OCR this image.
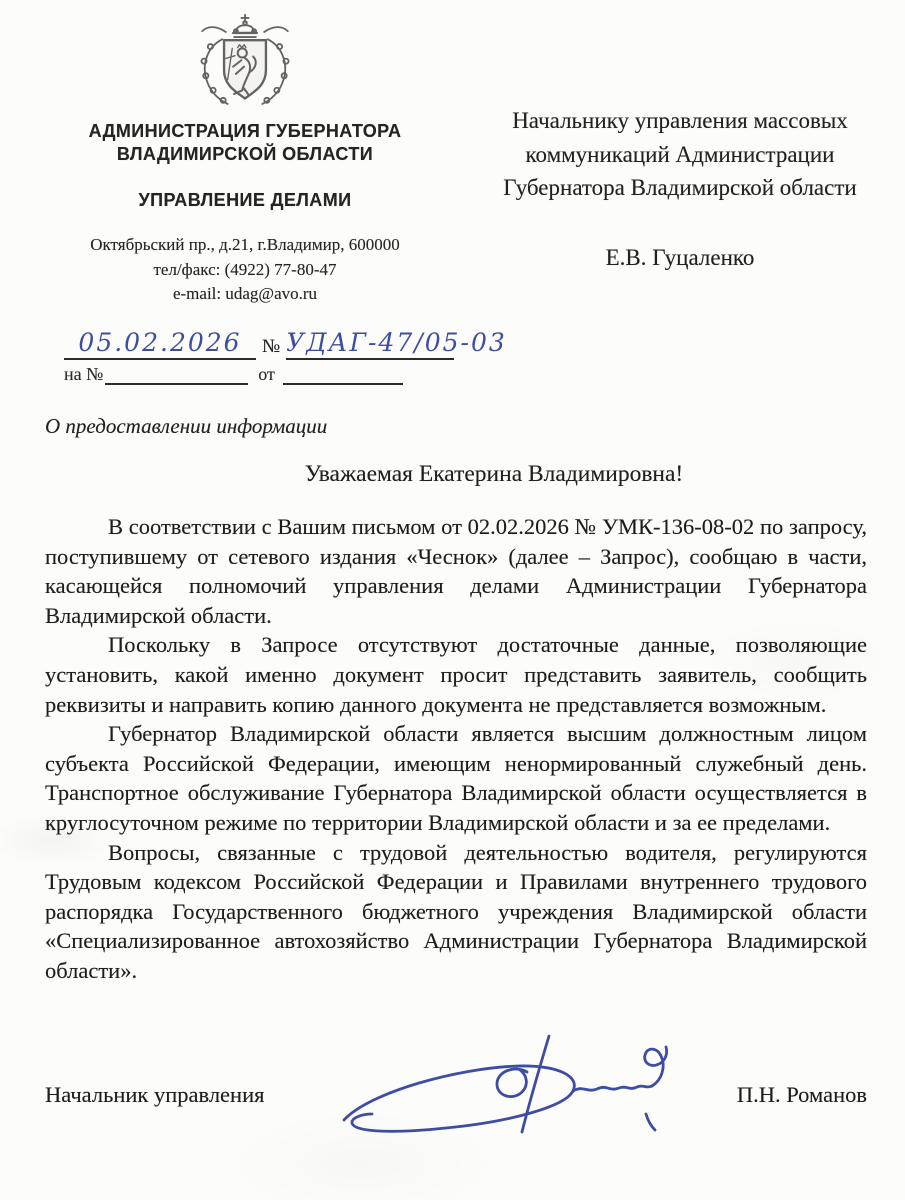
АДМИНИСТРАЦИЯ ГУБЕРНАТОРА
ВЛАДИМИРСКОЙ ОБЛАСТИ
УПРАВЛЕНИЕ ДЕЛАМИ
Октябрьский пр., д.21, г.Владимир, 600000
тел/факс: (4922) 77-80-47
e-mail: udag@avo.ru
Начальнику управления массовых коммуникаций Администрации Губернатора Владимирской области
Е.В. Гуцаленко
05.02.2026	№ УДАГ-47/05-03
на №	от
О предоставлении информации
Уважаемая Екатерина Владимировна!

В соответствии с Вашим письмом от 02.02.2026 № УМК-136-08-02 по запросу, поступившему от сетевого издания «Чеснок» (далее – Запрос), сообщаю в части, касающейся полномочий управления делами Администрации Губернатора Владимирской области.

Поскольку в Запросе отсутствуют достаточные данные, позволяющие установить, какой именно документ просит представить заявитель, сообщить реквизиты и направить копию данного документа не представляется возможным.

Губернатор Владимирской области является высшим должностным лицом субъекта Российской Федерации, имеющим ненормированный служебный день. Транспортное обслуживание Губернатора Владимирской области осуществляется в круглосуточном режиме по территории Владимирской области и за ее пределами.

Вопросы, связанные с трудовой деятельностью водителя, регулируются Трудовым кодексом Российской Федерации и Правилами внутреннего трудового распорядка Государственного бюджетного учреждения Владимирской области «Специализированное автохозяйство Администрации Губернатора Владимирской области».

Начальник управления	П.Н. Романов
